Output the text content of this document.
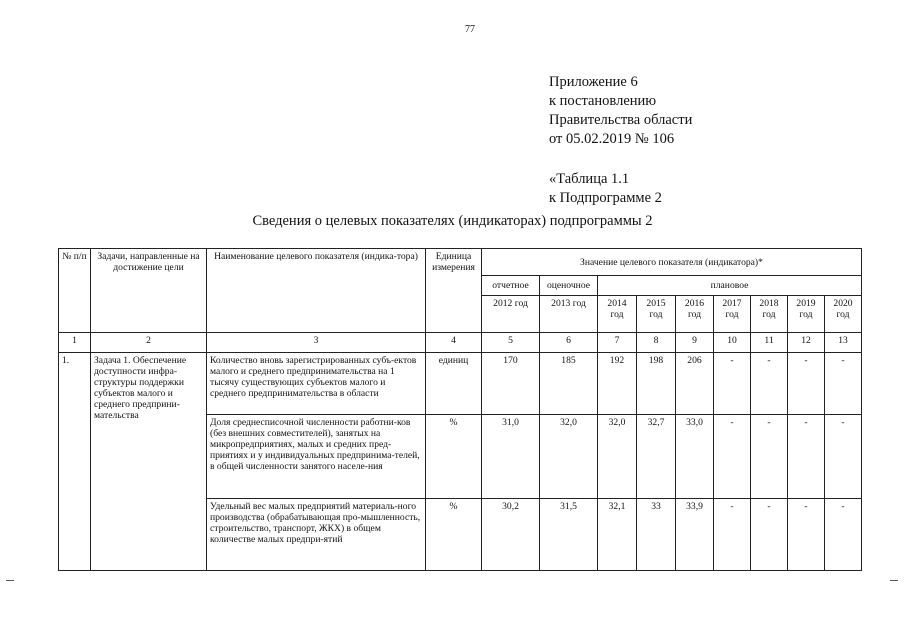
77
Приложение 6
к постановлению
Правительства области
от 05.02.2019 № 106
«Таблица 1.1
к Подпрограмме 2
Сведения о целевых показателях (индикаторах) подпрограммы 2
№ п/п	Задачи, направленные на достижение цели	Наименование целевого показателя (индика-тора)	Единица измерения	Значение целевого показателя (индикатора)*								
				отчетное	оценочное	плановое						
				2012 год	2013 год	2014 год	2015 год	2016 год	2017 год	2018 год	2019 год	2020 год
1	2	3	4	5	6	7	8	9	10	11	12	13
1.	Задача 1. Обеспечение доступности инфра-структуры поддержки субъектов малого и среднего предприни-мательства	Количество вновь зарегистрированных субъ-ектов малого и среднего предпринимательства на 1 тысячу существующих субъектов малого и среднего предпринимательства в области	единиц	170	185	192	198	206	-	-	-	-
		Доля среднесписочной численности работни-ков (без внешних совместителей), занятых на микропредприятиях, малых и средних пред-приятиях и у индивидуальных предпринима-телей, в общей численности занятого населе-ния	%	31,0	32,0	32,0	32,7	33,0	-	-	-	-
		Удельный вес малых предприятий материаль-ного производства (обрабатывающая про-мышленность, строительство, транспорт, ЖКХ) в общем количестве малых предпри-ятий	%	30,2	31,5	32,1	33	33,9	-	-	-	-
